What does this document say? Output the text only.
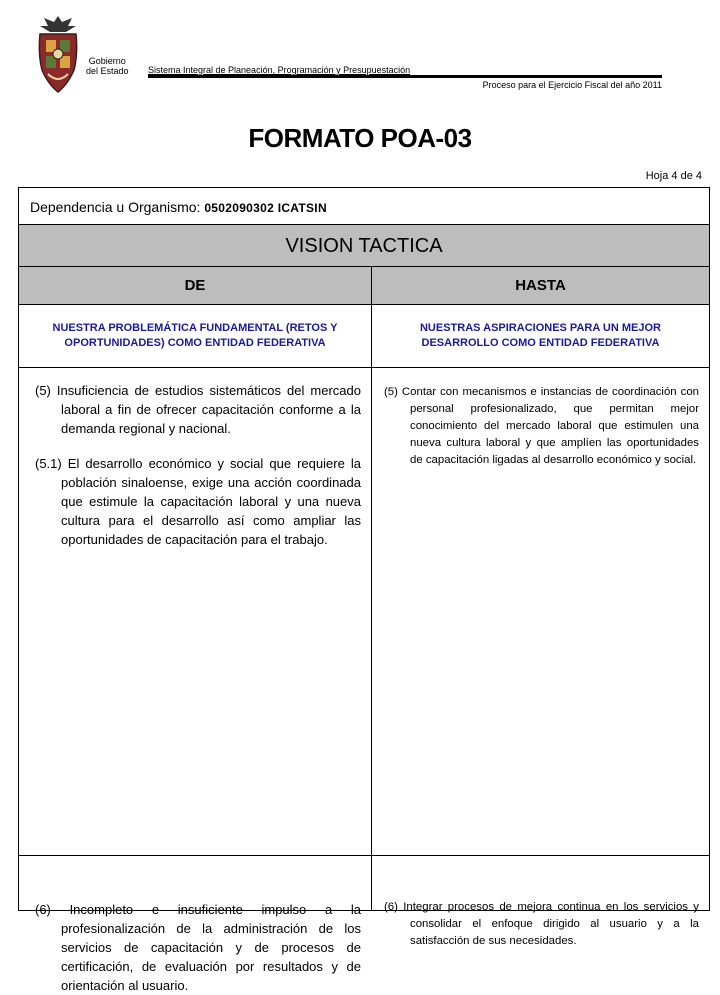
Gobierno
del Estado Sistema Integral de Planeación, Programación y Presupuestación
Proceso para el Ejercicio Fiscal del año 2011
FORMATO POA-03
Hoja 4 de 4
Dependencia u Organismo: 0502090302 ICATSIN
VISION TACTICA
DE	HASTA
NUESTRA PROBLEMÁTICA FUNDAMENTAL (RETOS Y OPORTUNIDADES) COMO ENTIDAD FEDERATIVA
NUESTRAS ASPIRACIONES PARA UN MEJOR DESARROLLO COMO ENTIDAD FEDERATIVA
(5) Insuficiencia de estudios sistemáticos del mercado laboral a fin de ofrecer capacitación conforme a la demanda regional y nacional.
(5.1) El desarrollo económico y social que requiere la población sinaloense, exige una acción coordinada que estimule la capacitación laboral y una nueva cultura para el desarrollo así como ampliar las oportunidades de capacitación para el trabajo.
(6) Incompleto e insuficiente impulso a la profesionalización de la administración de los servicios de capacitación y de procesos de certificación, de evaluación por resultados y de orientación al usuario.
(5) Contar con mecanismos e instancias de coordinación con personal profesionalizado, que permitan mejor conocimiento del mercado laboral que estimulen una nueva cultura laboral y que amplíen las oportunidades de capacitación ligadas al desarrollo económico y social.
(6) Integrar procesos de mejora continua en los servicios y consolidar el enfoque dirigido al usuario y a la satisfacción de sus necesidades.
